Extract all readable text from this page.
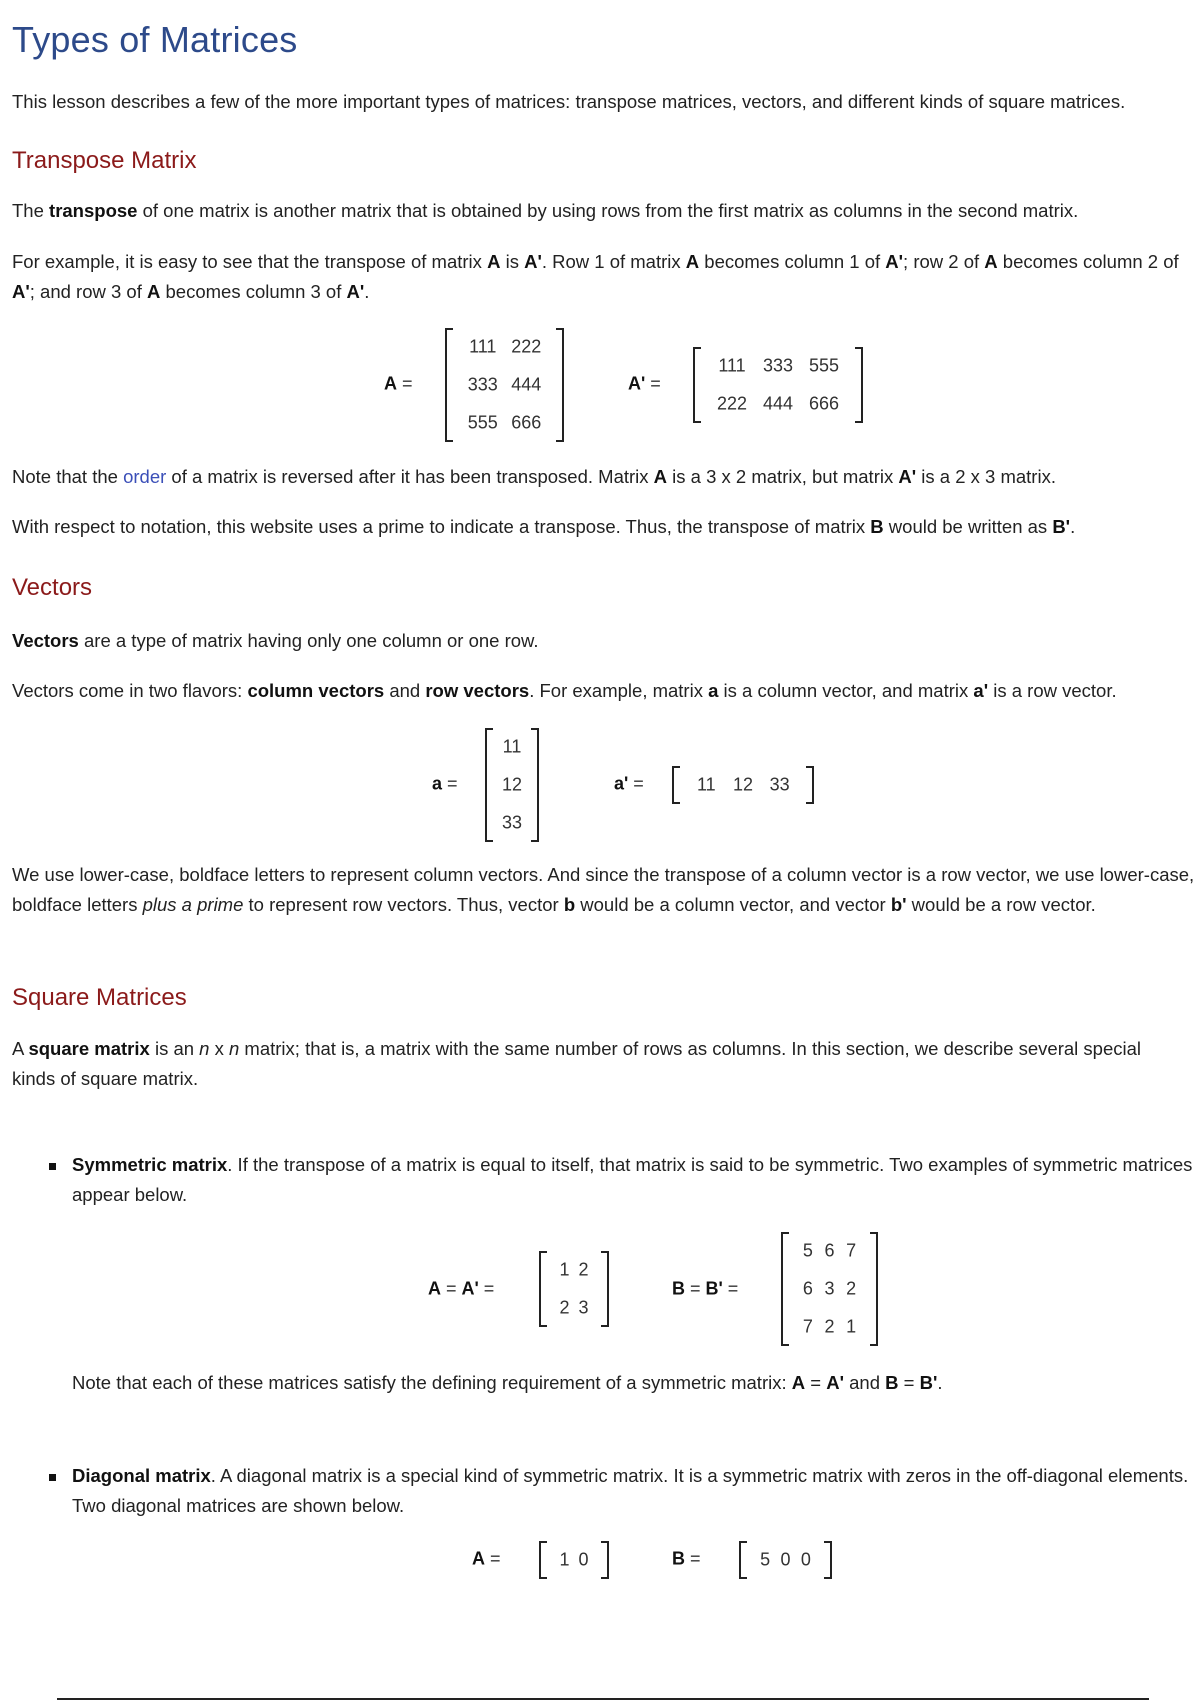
Types of Matrices

This lesson describes a few of the more important types of matrices: transpose matrices, vectors, and different kinds of square matrices.

Transpose Matrix

The transpose of one matrix is another matrix that is obtained by using rows from the first matrix as columns in the second matrix.

For example, it is easy to see that the transpose of matrix A is A'. Row 1 of matrix A becomes column 1 of A'; row 2 of A becomes column 2 of A'; and row 3 of A becomes column 3 of A'.

A =
111 222
333 444
555 666
A' =
111 333 555
222 444 666

Note that the order of a matrix is reversed after it has been transposed. Matrix A is a 3 x 2 matrix, but matrix A' is a 2 x 3 matrix.

With respect to notation, this website uses a prime to indicate a transpose. Thus, the transpose of matrix B would be written as B'.

Vectors

Vectors are a type of matrix having only one column or one row.

Vectors come in two flavors: column vectors and row vectors. For example, matrix a is a column vector, and matrix a' is a row vector.

a =
11
12
33
a' =	11 12 33

We use lower-case, boldface letters to represent column vectors. And since the transpose of a column vector is a row vector, we use lower-case, boldface letters plus a prime to represent row vectors. Thus, vector b would be a column vector, and vector b' would be a row vector.

Square Matrices

A square matrix is an n x n matrix; that is, a matrix with the same number of rows as columns. In this section, we describe several special kinds of square matrix.

Symmetric matrix. If the transpose of a matrix is equal to itself, that matrix is said to be symmetric. Two examples of symmetric matrices appear below.

A = A' =
1 2
2 3
B = B' =
5 6 7
6 3 2
7 2 1

Note that each of these matrices satisfy the defining requirement of a symmetric matrix: A = A' and B = B'.

Diagonal matrix. A diagonal matrix is a special kind of symmetric matrix. It is a symmetric matrix with zeros in the off-diagonal elements. Two diagonal matrices are shown below.

A =	1 0	B =	5 0 0
